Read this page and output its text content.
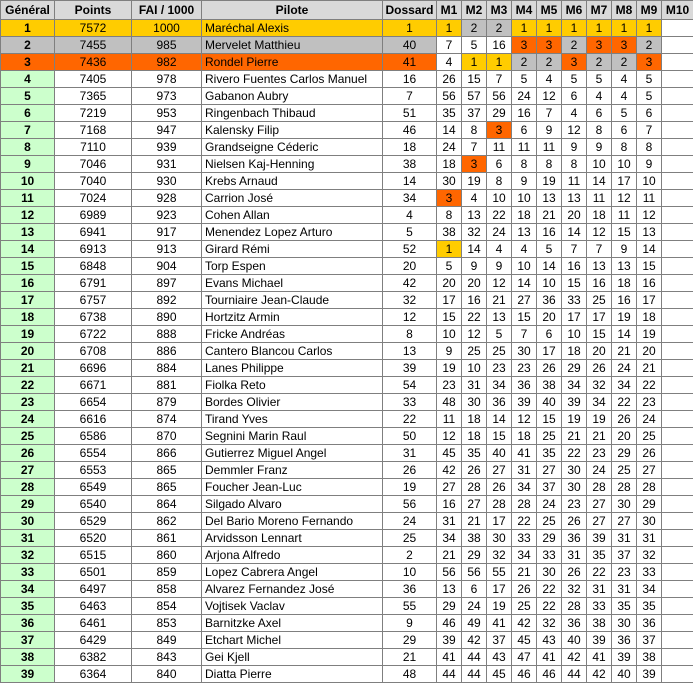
Général	Points	FAI / 1000	Pilote	Dossard	M1	M2	M3	M4	M5	M6	M7	M8	M9	M10
1	7572	1000	Maréchal Alexis	1	1	2	2	1	1	1	1	1	1	
2	7455	985	Mervelet Matthieu	40	7	5	16	3	3	2	3	3	2	
3	7436	982	Rondel Pierre	41	4	1	1	2	2	3	2	2	3	
4	7405	978	Rivero Fuentes Carlos Manuel	16	26	15	7	5	4	5	5	4	5	
5	7365	973	Gabanon Aubry	7	56	57	56	24	12	6	4	4	5	
6	7219	953	Ringenbach Thibaud	51	35	37	29	16	7	4	6	5	6	
7	7168	947	Kalensky Filip	46	14	8	3	6	9	12	8	6	7	
8	7110	939	Grandseigne Céderic	18	24	7	11	11	11	9	9	8	8	
9	7046	931	Nielsen Kaj-Henning	38	18	3	6	8	8	8	10	10	9	
10	7040	930	Krebs Arnaud	14	30	19	8	9	19	11	14	17	10	
11	7024	928	Carrion José	34	3	4	10	10	13	13	11	12	11	
12	6989	923	Cohen Allan	4	8	13	22	18	21	20	18	11	12	
13	6941	917	Menendez Lopez Arturo	5	38	32	24	13	16	14	12	15	13	
14	6913	913	Girard Rémi	52	1	14	4	4	5	7	7	9	14	
15	6848	904	Torp Espen	20	5	9	9	10	14	16	13	13	15	
16	6791	897	Evans Michael	42	20	20	12	14	10	15	16	18	16	
17	6757	892	Tourniaire Jean-Claude	32	17	16	21	27	36	33	25	16	17	
18	6738	890	Hortzitz Armin	12	15	22	13	15	20	17	17	19	18	
19	6722	888	Fricke Andréas	8	10	12	5	7	6	10	15	14	19	
20	6708	886	Cantero Blancou Carlos	13	9	25	25	30	17	18	20	21	20	
21	6696	884	Lanes Philippe	39	19	10	23	23	26	29	26	24	21	
22	6671	881	Fiolka Reto	54	23	31	34	36	38	34	32	34	22	
23	6654	879	Bordes Olivier	33	48	30	36	39	40	39	34	22	23	
24	6616	874	Tirand Yves	22	11	18	14	12	15	19	19	26	24	
25	6586	870	Segnini Marin Raul	50	12	18	15	18	25	21	21	20	25	
26	6554	866	Gutierrez Miguel Angel	31	45	35	40	41	35	22	23	29	26	
27	6553	865	Demmler Franz	26	42	26	27	31	27	30	24	25	27	
28	6549	865	Foucher Jean-Luc	19	27	28	26	34	37	30	28	28	28	
29	6540	864	Silgado Alvaro	56	16	27	28	28	24	23	27	30	29	
30	6529	862	Del Bario Moreno Fernando	24	31	21	17	22	25	26	27	27	30	
31	6520	861	Arvidsson Lennart	25	34	38	30	33	29	36	39	31	31	
32	6515	860	Arjona Alfredo	2	21	29	32	34	33	31	35	37	32	
33	6501	859	Lopez Cabrera Angel	10	56	56	55	21	30	26	22	23	33	
34	6497	858	Alvarez Fernandez José	36	13	6	17	26	22	32	31	31	34	
35	6463	854	Vojtisek Vaclav	55	29	24	19	25	22	28	33	35	35	
36	6461	853	Barnitzke Axel	9	46	49	41	42	32	36	38	30	36	
37	6429	849	Etchart Michel	29	39	42	37	45	43	40	39	36	37	
38	6382	843	Gei Kjell	21	41	44	43	47	41	42	41	39	38	
39	6364	840	Diatta Pierre	48	44	44	45	46	46	44	42	40	39	
